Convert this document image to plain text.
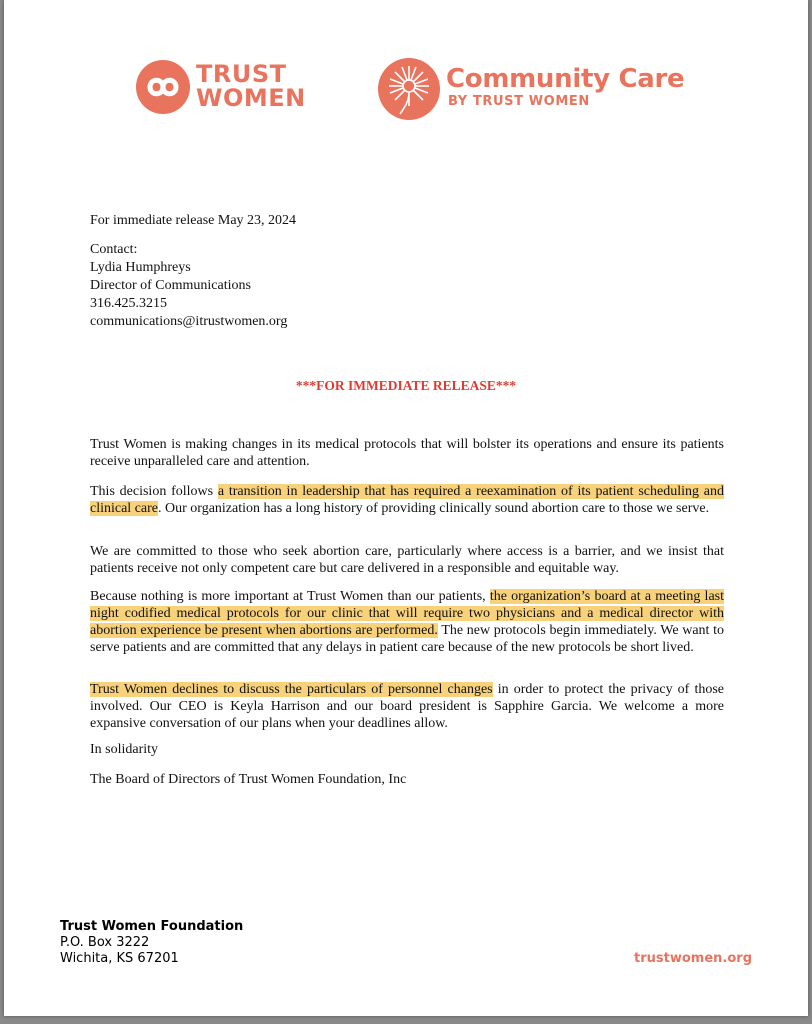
TRUST
WOMEN
Community Care
BY TRUST WOMEN
For immediate release May 23, 2024
Contact:
Lydia Humphreys
Director of Communications
316.425.3215
communications@itrustwomen.org
***FOR IMMEDIATE RELEASE***

Trust Women is making changes in its medical protocols that will bolster its operations and ensure its patients receive unparalleled care and attention.

This decision follows a transition in leadership that has required a reexamination of its patient scheduling and clinical care. Our organization has a long history of providing clinically sound abortion care to those we serve.

We are committed to those who seek abortion care, particularly where access is a barrier, and we insist that patients receive not only competent care but care delivered in a responsible and equitable way.

Because nothing is more important at Trust Women than our patients, the organization’s board at a meeting last night codified medical protocols for our clinic that will require two physicians and a medical director with abortion experience be present when abortions are performed. The new protocols begin immediately. We want to serve patients and are committed that any delays in patient care because of the new protocols be short lived.

Trust Women declines to discuss the particulars of personnel changes in order to protect the privacy of those involved. Our CEO is Keyla Harrison and our board president is Sapphire Garcia. We welcome a more expansive conversation of our plans when your deadlines allow.

In solidarity
The Board of Directors of Trust Women Foundation, Inc
Trust Women Foundation
P.O. Box 3222
Wichita, KS 67201	trustwomen.org
